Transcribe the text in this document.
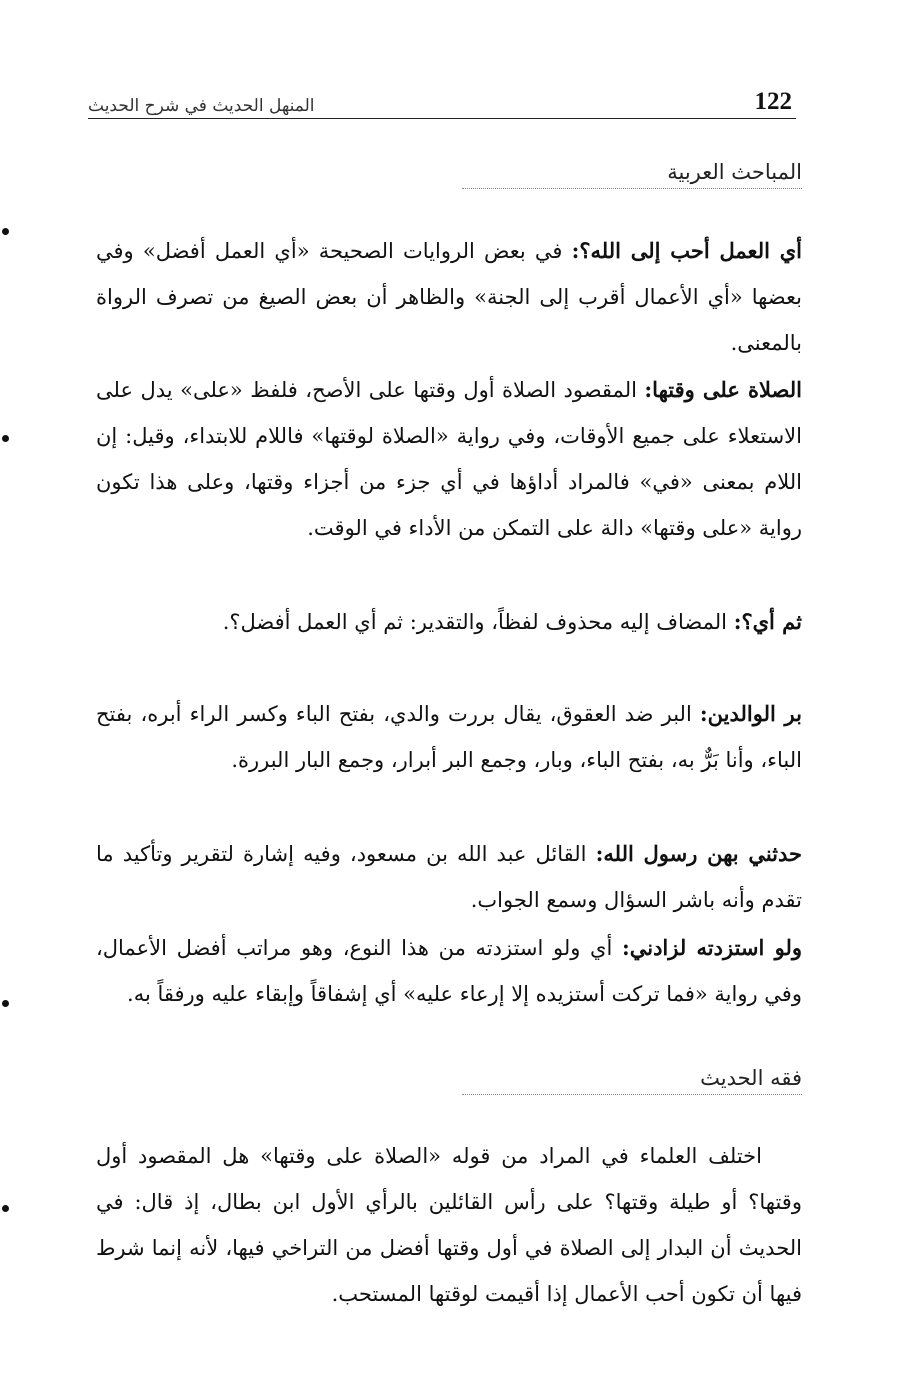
122
المنهل الحديث في شرح الحديث
المباحث العربية

أي العمل أحب إلى الله؟: في بعض الروايات الصحيحة «أي العمل أفضل» وفي بعضها «أي الأعمال أقرب إلى الجنة» والظاهر أن بعض الصيغ من تصرف الرواة بالمعنى.

الصلاة على وقتها: المقصود الصلاة أول وقتها على الأصح، فلفظ «على» يدل على الاستعلاء على جميع الأوقات، وفي رواية «الصلاة لوقتها» فاللام للابتداء، وقيل: إن اللام بمعنى «في» فالمراد أداؤها في أي جزء من أجزاء وقتها، وعلى هذا تكون رواية «على وقتها» دالة على التمكن من الأداء في الوقت.

ثم أي؟: المضاف إليه محذوف لفظاً، والتقدير: ثم أي العمل أفضل؟.

بر الوالدين: البر ضد العقوق، يقال بررت والدي، بفتح الباء وكسر الراء أبره، بفتح الباء، وأنا بَرٌّ به، بفتح الباء، وبار، وجمع البر أبرار، وجمع البار البررة.

حدثني بهن رسول الله: القائل عبد الله بن مسعود، وفيه إشارة لتقرير وتأكيد ما تقدم وأنه باشر السؤال وسمع الجواب.

ولو استزدته لزادني: أي ولو استزدته من هذا النوع، وهو مراتب أفضل الأعمال، وفي رواية «فما تركت أستزيده إلا إرعاء عليه» أي إشفاقاً وإبقاء عليه ورفقاً به.

فقه الحديث

اختلف العلماء في المراد من قوله «الصلاة على وقتها» هل المقصود أول وقتها؟ أو طيلة وقتها؟ على رأس القائلين بالرأي الأول ابن بطال، إذ قال: في الحديث أن البدار إلى الصلاة في أول وقتها أفضل من التراخي فيها، لأنه إنما شرط فيها أن تكون أحب الأعمال إذا أقيمت لوقتها المستحب.
